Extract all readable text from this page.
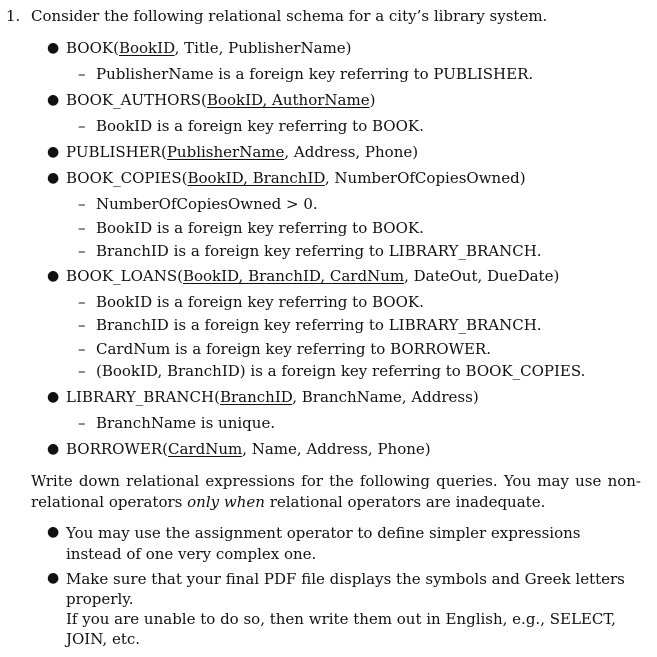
1. Consider the following relational schema for a city’s library system.
● BOOK(BookID, Title, PublisherName)
– PublisherName is a foreign key referring to PUBLISHER.
● BOOK_AUTHORS(BookID, AuthorName)
– BookID is a foreign key referring to BOOK.
● PUBLISHER(PublisherName, Address, Phone)
● BOOK_COPIES(BookID, BranchID, NumberOfCopiesOwned)
– NumberOfCopiesOwned > 0.
– BookID is a foreign key referring to BOOK.
– BranchID is a foreign key referring to LIBRARY_BRANCH.
● BOOK_LOANS(BookID, BranchID, CardNum, DateOut, DueDate)
– BookID is a foreign key referring to BOOK.
– BranchID is a foreign key referring to LIBRARY_BRANCH.
– CardNum is a foreign key referring to BORROWER.
– (BookID, BranchID) is a foreign key referring to BOOK_COPIES.
● LIBRARY_BRANCH(BranchID, BranchName, Address)
– BranchName is unique.
● BORROWER(CardNum, Name, Address, Phone)
Write down relational expressions for the following queries. You may use non-relational operators only when relational operators are inadequate.
● You may use the assignment operator to define simpler expressions instead of one very complex one.
● Make sure that your final PDF file displays the symbols and Greek letters properly.
If you are unable to do so, then write them out in English, e.g., SELECT, JOIN, etc.
